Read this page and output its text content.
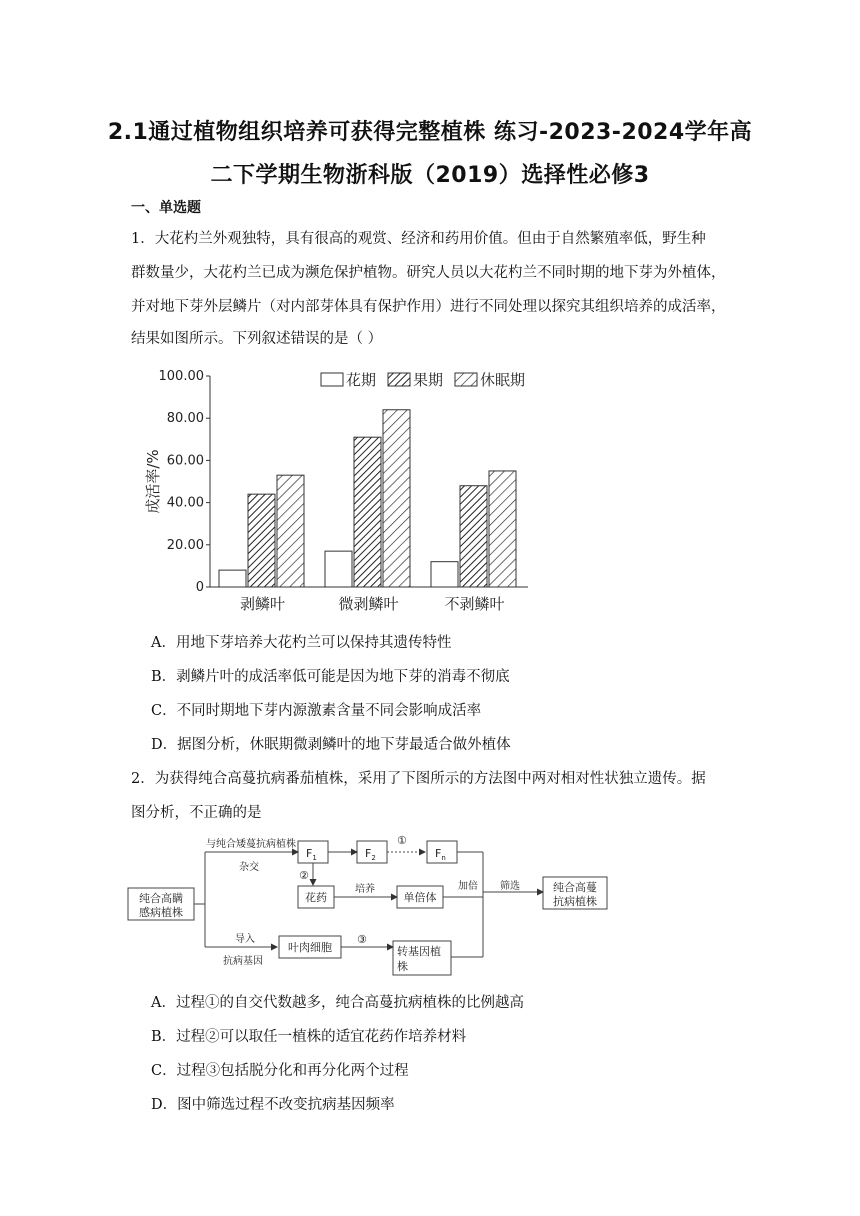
2.1通过植物组织培养可获得完整植株 练习-2023-2024学年高
二下学期生物浙科版（2019）选择性必修3
一、单选题
1．大花杓兰外观独特，具有很高的观赏、经济和药用价值。但由于自然繁殖率低，野生种
群数量少，大花杓兰已成为濒危保护植物。研究人员以大花杓兰不同时期的地下芽为外植体，
并对地下芽外层鳞片（对内部芽体具有保护作用）进行不同处理以探究其组织培养的成活率，
结果如图所示。下列叙述错误的是（ ）
0
20.00
40.00
60.00
80.00
100.00
成活率/%
剥鳞叶	微剥鳞叶	不剥鳞叶
花期 果期 休眠期
A．用地下芽培养大花杓兰可以保持其遗传特性
B．剥鳞片叶的成活率低可能是因为地下芽的消毒不彻底
C．不同时期地下芽内源激素含量不同会影响成活率
D．据图分析，休眠期微剥鳞叶的地下芽最适合做外植体
2．为获得纯合高蔓抗病番茄植株，采用了下图所示的方法图中两对相对性状独立遗传。据
图分析，不正确的是
纯合高瞒
感病植株
与纯合矮蔓抗病植株
杂交
$F_1$	$F_2$	$F_n$
①
②
花药
培养
单倍体
加倍 筛选	纯合高蔓
抗病植株
导入
抗病基因
叶肉细胞
③
转基因植
株
A．过程①的自交代数越多，纯合高蔓抗病植株的比例越高
B．过程②可以取任一植株的适宜花药作培养材料
C．过程③包括脱分化和再分化两个过程
D．图中筛选过程不改变抗病基因频率
